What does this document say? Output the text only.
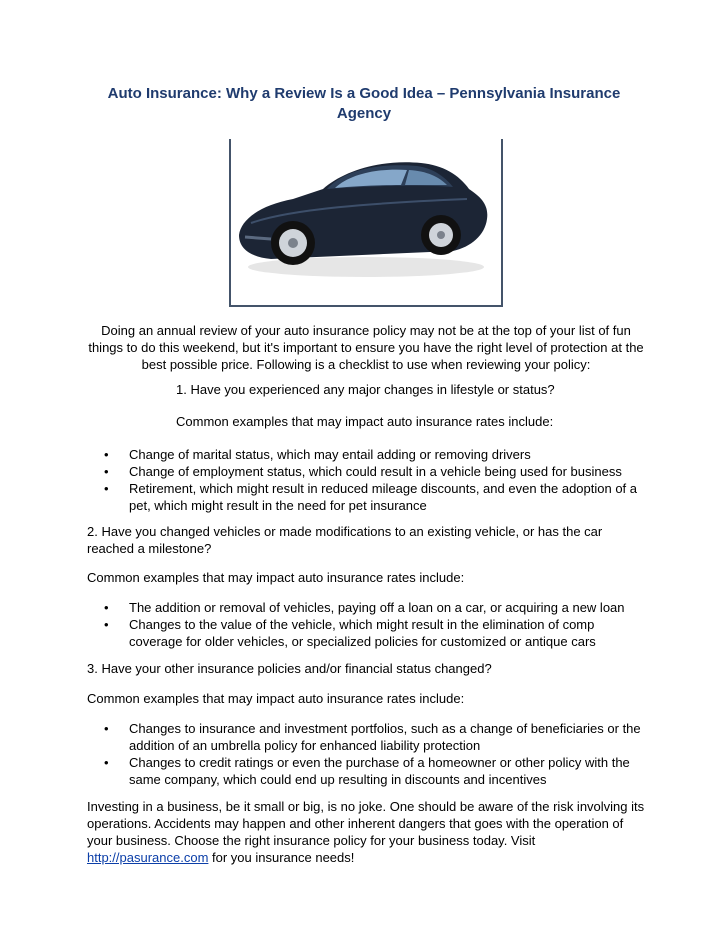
Auto Insurance: Why a Review Is a Good Idea – Pennsylvania Insurance Agency
Doing an annual review of your auto insurance policy may not be at the top of your list of fun things to do this weekend, but it's important to ensure you have the right level of protection at the best possible price. Following is a checklist to use when reviewing your policy:
1. Have you experienced any major changes in lifestyle or status?
Common examples that may impact auto insurance rates include:
• Change of marital status, which may entail adding or removing drivers
• Change of employment status, which could result in a vehicle being used for business
• Retirement, which might result in reduced mileage discounts, and even the adoption of a pet, which might result in the need for pet insurance
2. Have you changed vehicles or made modifications to an existing vehicle, or has the car reached a milestone?
Common examples that may impact auto insurance rates include:
• The addition or removal of vehicles, paying off a loan on a car, or acquiring a new loan
• Changes to the value of the vehicle, which might result in the elimination of comp coverage for older vehicles, or specialized policies for customized or antique cars
3. Have your other insurance policies and/or financial status changed?
Common examples that may impact auto insurance rates include:
• Changes to insurance and investment portfolios, such as a change of beneficiaries or the addition of an umbrella policy for enhanced liability protection
• Changes to credit ratings or even the purchase of a homeowner or other policy with the same company, which could end up resulting in discounts and incentives
Investing in a business, be it small or big, is no joke. One should be aware of the risk involving its operations. Accidents may happen and other inherent dangers that goes with the operation of your business. Choose the right insurance policy for your business today. Visit http://pasurance.com for you insurance needs!
